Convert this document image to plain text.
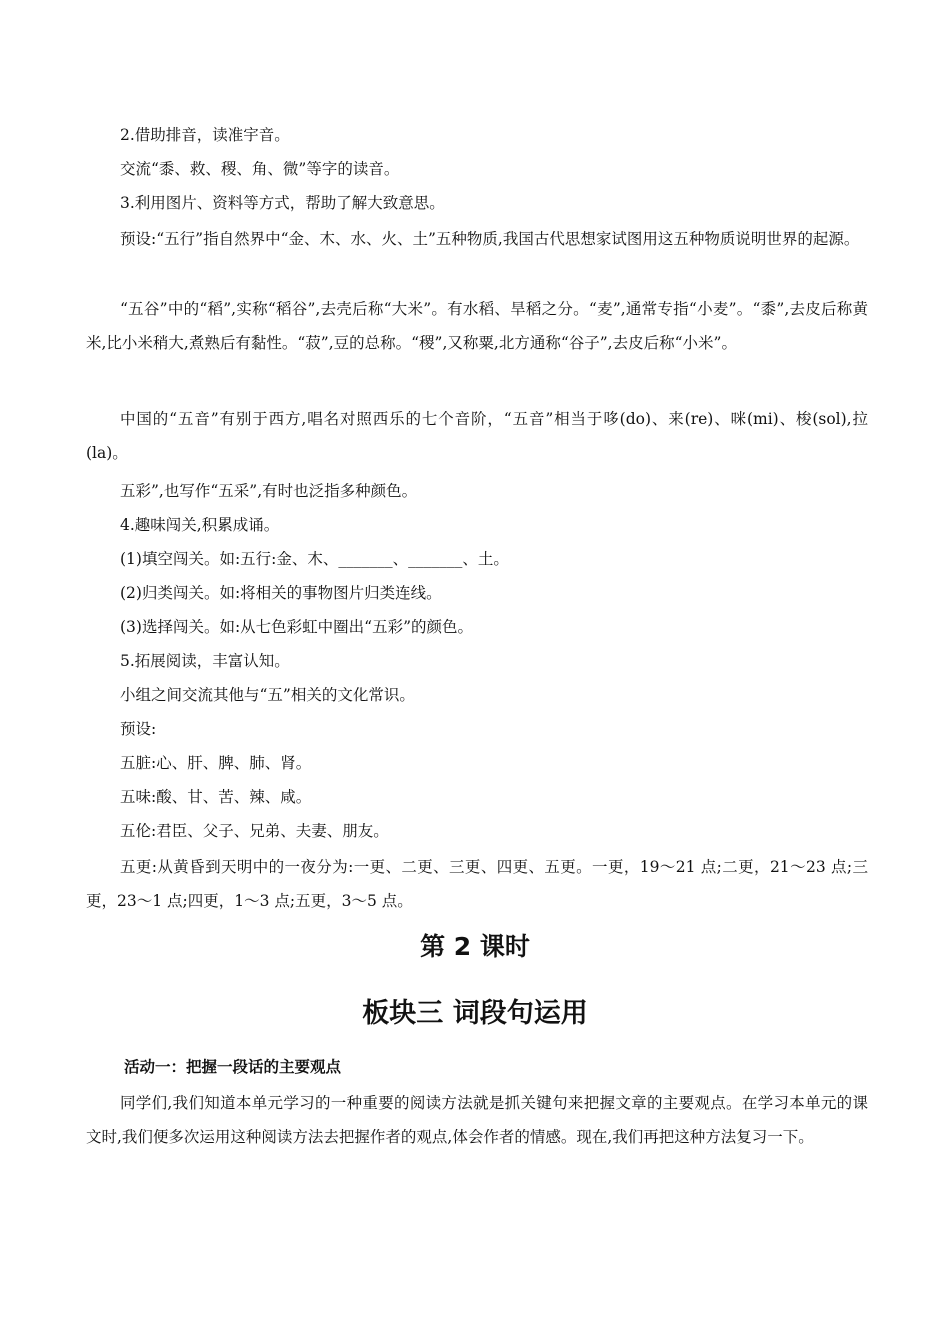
2.借助排音，读准宇音。

交流“黍、救、稷、角、微”等字的读音。

3.利用图片、资料等方式，帮助了解大致意思。

预设:“五行”指自然界中“金、木、水、火、土”五种物质,我国古代思想家试图用这五种物质说明世界的起源。

“五谷”中的“稻”,实称“稻谷”,去壳后称“大米”。有水稻、旱稻之分。“麦”,通常专指“小麦”。“黍”,去皮后称黄米,比小米稍大,煮熟后有黏性。“菽”,豆的总称。“稷”,又称粟,北方通称“谷子”,去皮后称“小米”。

中国的“五音”有别于西方,唱名对照西乐的七个音阶，“五音”相当于哆(do)、来(re)、咪(mi)、梭(sol),拉(la)。

五彩”,也写作“五采”,有时也泛指多种颜色。

4.趣味闯关,积累成诵。

(1)填空闯关。如:五行:金、木、_______、_______、土。

(2)归类闯关。如:将相关的事物图片归类连线。

(3)选择闯关。如:从七色彩虹中圈出“五彩”的颜色。

5.拓展阅读，丰富认知。

小组之间交流其他与“五”相关的文化常识。

预设:

五脏:心、肝、脾、肺、肾。

五味:酸、甘、苦、辣、咸。

五伦:君臣、父子、兄弟、夫妻、朋友。

五更:从黄昏到天明中的一夜分为:一更、二更、三更、四更、五更。一更，19～21 点;二更，21～23 点;三更，23～1 点;四更，1～3 点;五更，3～5 点。

第 2 课时
板块三 词段句运用
活动一：把握一段话的主要观点

同学们,我们知道本单元学习的一种重要的阅读方法就是抓关键句来把握文章的主要观点。在学习本单元的课文时,我们便多次运用这种阅读方法去把握作者的观点,体会作者的情感。现在,我们再把这种方法复习一下。
